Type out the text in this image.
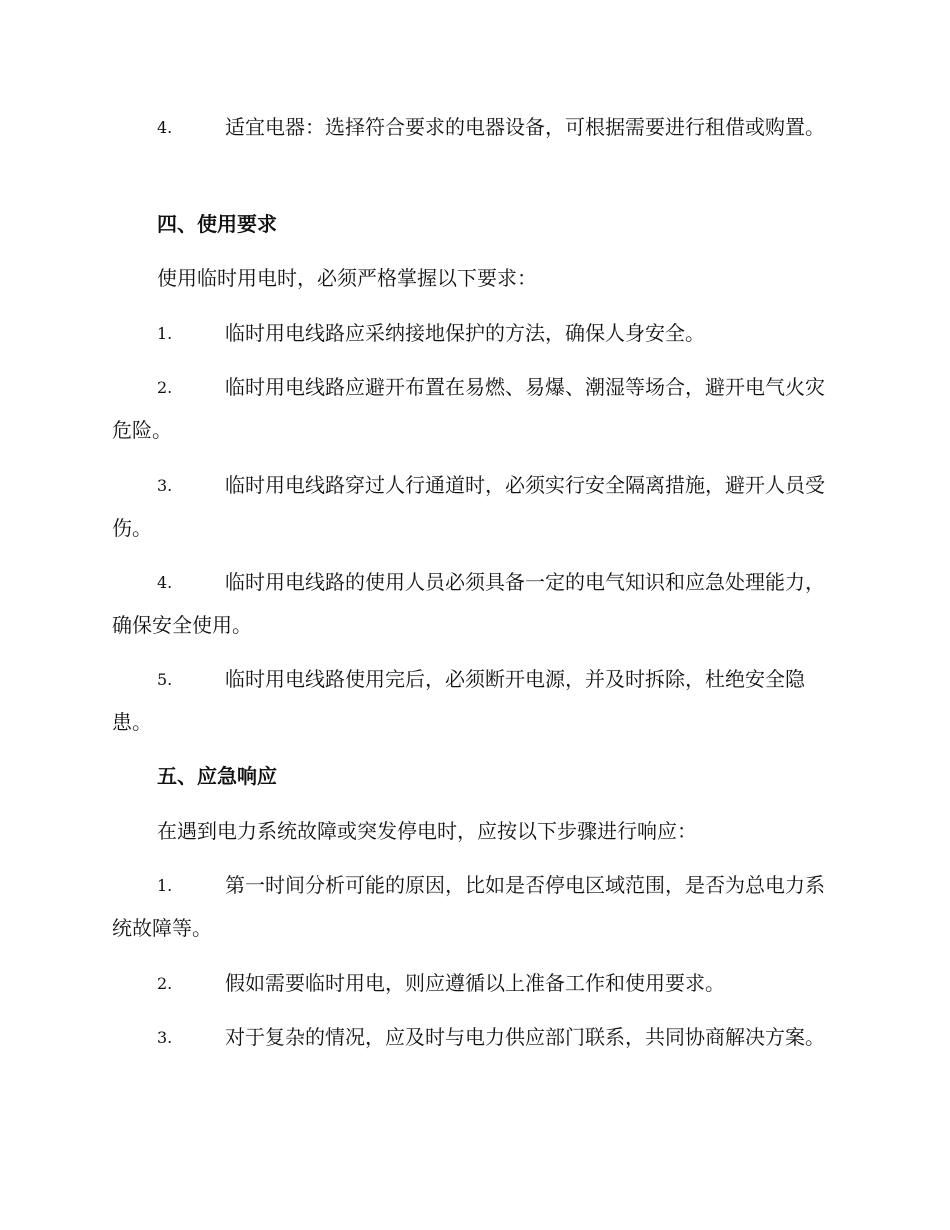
4.	适宜电器：选择符合要求的电器设备，可根据需要进行租借或购置。
四、使用要求
使用临时用电时，必须严格掌握以下要求：
1.	临时用电线路应采纳接地保护的方法，确保人身安全。
2.	临时用电线路应避开布置在易燃、易爆、潮湿等场合，避开电气火灾危险。
3.	临时用电线路穿过人行通道时，必须实行安全隔离措施，避开人员受伤。
4.	临时用电线路的使用人员必须具备一定的电气知识和应急处理能力，确保安全使用。
5.	临时用电线路使用完后，必须断开电源，并及时拆除，杜绝安全隐患。
五、应急响应
在遇到电力系统故障或突发停电时，应按以下步骤进行响应：
1.	第一时间分析可能的原因，比如是否停电区域范围，是否为总电力系统故障等。
2.	假如需要临时用电，则应遵循以上准备工作和使用要求。
3.	对于复杂的情况，应及时与电力供应部门联系，共同协商解决方案。
